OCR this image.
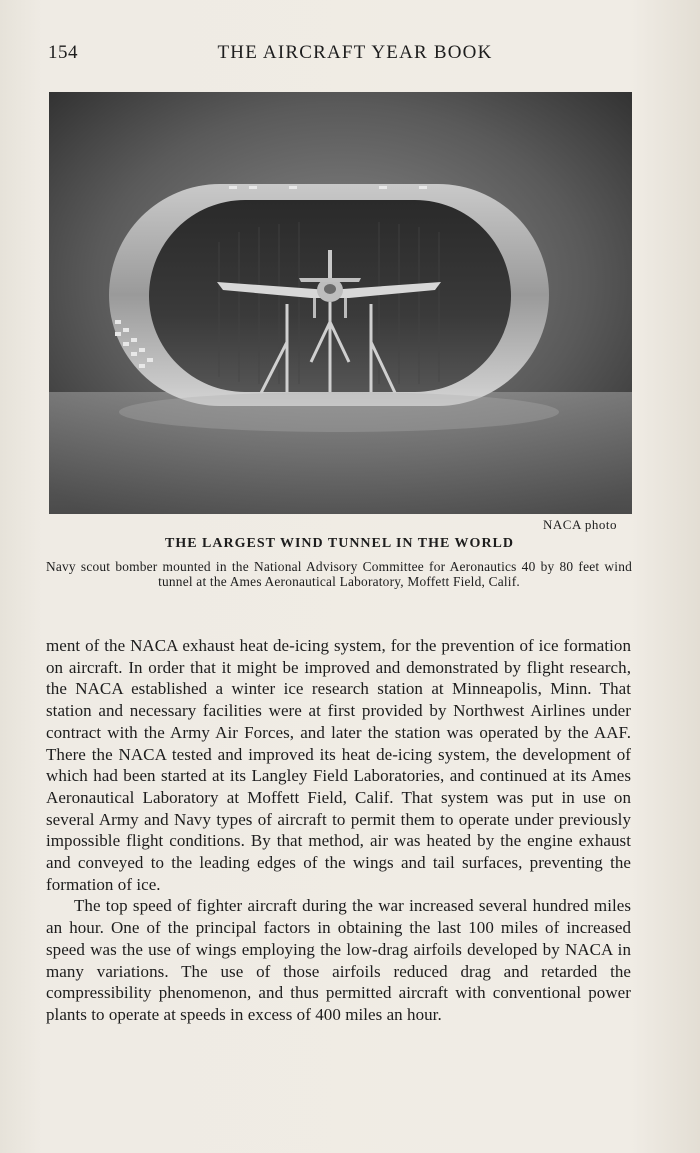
154	THE AIRCRAFT YEAR BOOK
NACA photo
THE LARGEST WIND TUNNEL IN THE WORLD
Navy scout bomber mounted in the National Advisory Committee for Aeronautics 40 by 80 feet wind tunnel at the Ames Aeronautical Laboratory, Moffett Field, Calif.

ment of the NACA exhaust heat de-icing system, for the prevention of ice formation on aircraft. In order that it might be improved and demonstrated by flight research, the NACA established a winter ice research station at Minneapolis, Minn. That station and necessary facilities were at first provided by Northwest Airlines under contract with the Army Air Forces, and later the station was operated by the AAF. There the NACA tested and improved its heat de-icing system, the development of which had been started at its Langley Field Laboratories, and continued at its Ames Aeronautical Laboratory at Moffett Field, Calif. That system was put in use on several Army and Navy types of aircraft to permit them to operate under previously impossible flight conditions. By that method, air was heated by the engine exhaust and conveyed to the leading edges of the wings and tail surfaces, preventing the formation of ice.

The top speed of fighter aircraft during the war increased several hundred miles an hour. One of the principal factors in obtaining the last 100 miles of increased speed was the use of wings employing the low-drag airfoils developed by NACA in many variations. The use of those airfoils reduced drag and retarded the compressibility phenomenon, and thus permitted aircraft with conventional power plants to operate at speeds in excess of 400 miles an hour.
